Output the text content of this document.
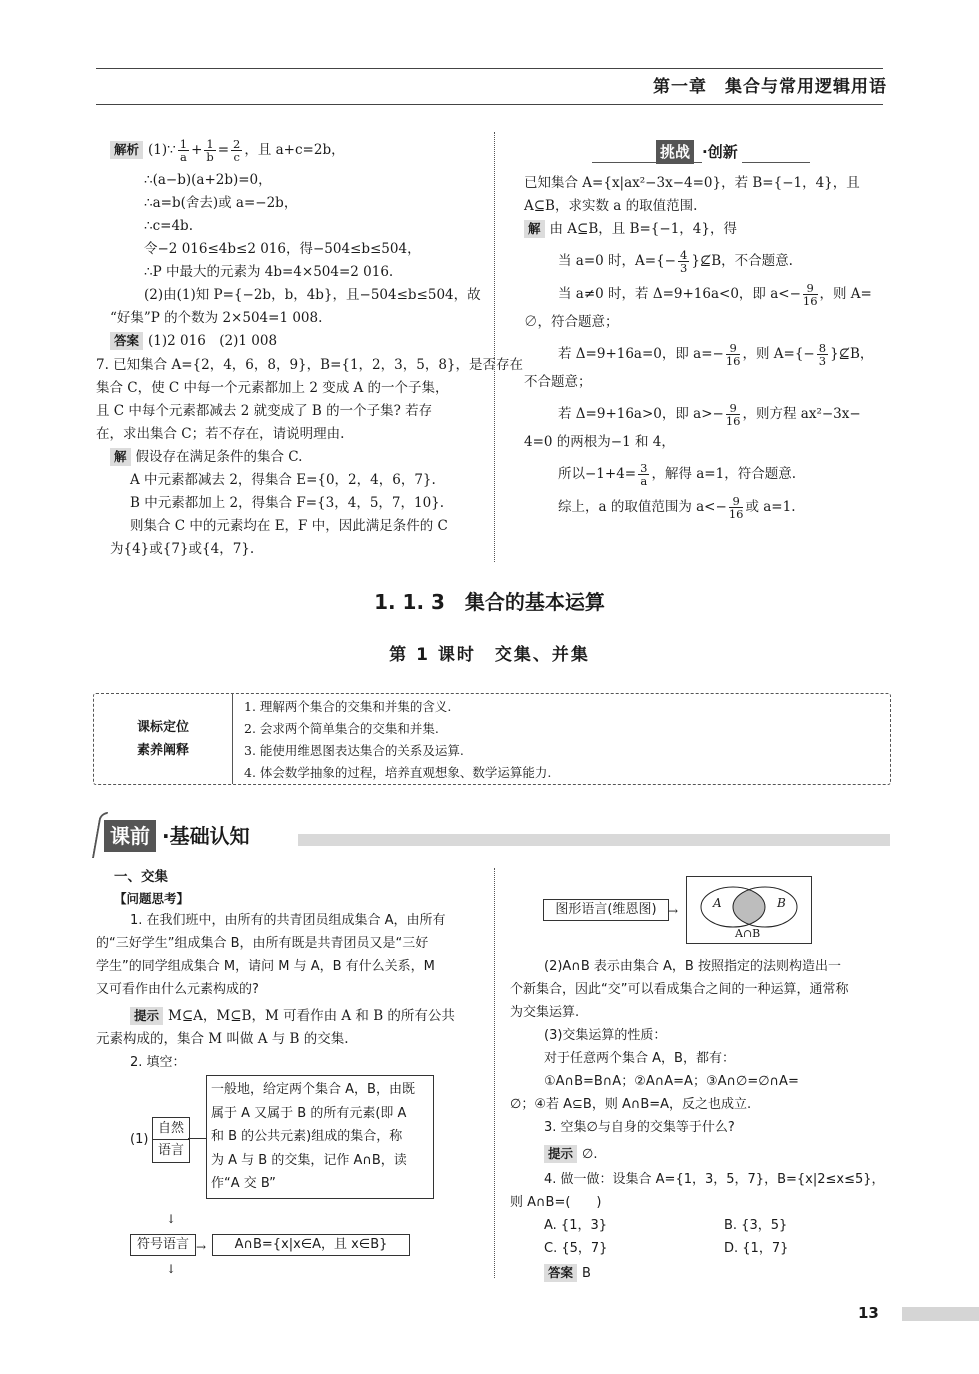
第一章　集合与常用逻辑用语
解析 (1)∵ $\frac{1}{a} + \frac{1}{b} = \frac{2}{c}$ ，且 a+c=2b，
∴(a−b)(a+2b)=0，
∴a=b(舍去)或 a=−2b，
∴c=4b.
令−2 016≤4b≤2 016，得−504≤b≤504，
∴P 中最大的元素为 4b=4×504=2 016.
(2)由(1)知 P={−2b，b，4b}，且−504≤b≤504，故
“好集”P 的个数为 2×504=1 008.
答案 (1)2 016　(2)1 008
7. 已知集合 A={2，4，6，8，9}，B={1，2，3，5，8}，是否存在
集合 C，使 C 中每一个元素都加上 2 变成 A 的一个子集，
且 C 中每个元素都减去 2 就变成了 B 的一个子集? 若存
在，求出集合 C；若不存在，请说明理由.
解 假设存在满足条件的集合 C.
A 中元素都减去 2，得集合 E={0，2，4，6，7}.
B 中元素都加上 2，得集合 F={3，4，5，7，10}.
则集合 C 中的元素均在 E，F 中，因此满足条件的 C
为{4}或{7}或{4，7}.
挑战 ·创新
已知集合 A={x|ax²−3x−4=0}，若 B={−1，4}，且
A⊆B，求实数 a 的取值范围.
解 由 A⊆B，且 B={−1，4}，得
当 a=0 时，$A=\{- \frac{4}{3}$ }⊈B，不合题意.
当 a≠0 时，若 Δ=9+16a<0，即 $a<- \frac{9}{16}$ ，则 A=
∅，符合题意；
若 Δ=9+16a=0，即 $a=- \frac{9}{16}$ ，则 $A=\{- \frac{8}{3}$ }⊈B，
不合题意；
若 Δ=9+16a>0，即 $a>- \frac{9}{16}$ ，则方程 ax²−3x−
4=0 的两根为−1 和 4，
所以$-1+4= \frac{3}{a}$ ，解得 a=1，符合题意.
综上，a 的取值范围为 $a<- \frac{9}{16}$ 或 a=1.
1. 1. 3　集合的基本运算
第 1 课时　交集、并集
课标定位
素养阐释
1. 理解两个集合的交集和并集的含义.
2. 会求两个简单集合的交集和并集.
3. 能使用维恩图表达集合的关系及运算.
4. 体会数学抽象的过程，培养直观想象、数学运算能力.
课前 ·基础认知
一、交集
【问题思考】
1. 在我们班中，由所有的共青团员组成集合 A，由所有
的“三好学生”组成集合 B，由所有既是共青团员又是“三好
学生”的同学组成集合 M，请问 M 与 A，B 有什么关系，M
又可看作由什么元素构成的?
提示 M⊆A，M⊆B，M 可看作由 A 和 B 的所有公共
元素构成的，集合 M 叫做 A 与 B 的交集.
2. 填空：
(1)
自然
语言
一般地，给定两个集合 A，B，由既
属于 A 又属于 B 的所有元素(即 A
和 B 的公共元素)组成的集合，称
为 A 与 B 的交集，记作 A∩B，读
作“A 交 B”
↓
符号语言 →	A∩B={x|x∈A，且 x∈B}
↓
图形语言(维恩图) →
A	B
A∩B
(2)A∩B 表示由集合 A，B 按照指定的法则构造出一
个新集合，因此“交”可以看成集合之间的一种运算，通常称
为交集运算.
(3)交集运算的性质：
对于任意两个集合 A，B，都有：
①A∩B=B∩A；②A∩A=A；③A∩∅=∅∩A=
∅；④若 A⊆B，则 A∩B=A，反之也成立.
3. 空集∅与自身的交集等于什么?
提示 ∅.
4. 做一做：设集合 A={1，3，5，7}，B={x|2≤x≤5}，
则 A∩B=(　　)
A. {1，3}	B. {3，5}
C. {5，7}	D. {1，7}
答案 B
13
